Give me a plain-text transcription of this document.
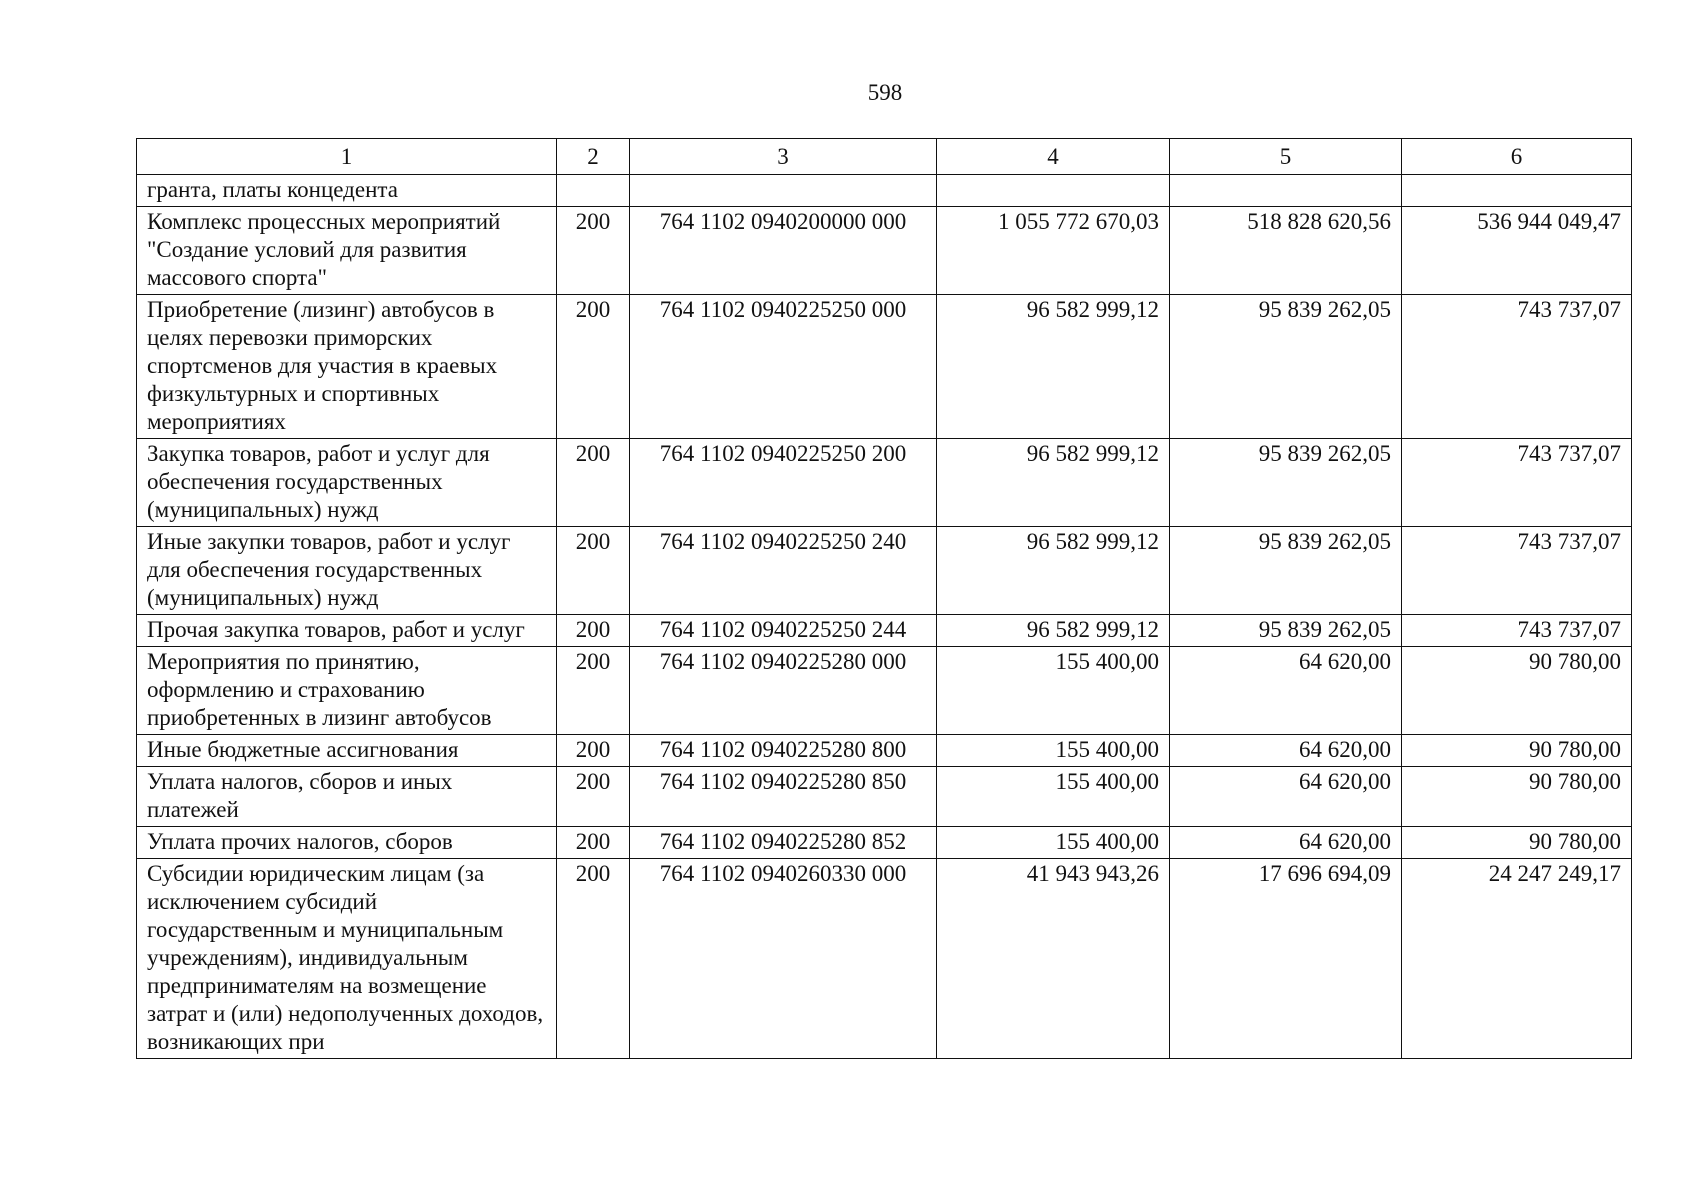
598
1	2	3	4	5	6
гранта, платы концедента					
Комплекс процессных мероприятий "Создание условий для развития массового спорта"	200	764 1102 0940200000 000	1 055 772 670,03	518 828 620,56	536 944 049,47
Приобретение (лизинг) автобусов в целях перевозки приморских спортсменов для участия в краевых физкультурных и спортивных мероприятиях	200	764 1102 0940225250 000	96 582 999,12	95 839 262,05	743 737,07
Закупка товаров, работ и услуг для обеспечения государственных (муниципальных) нужд	200	764 1102 0940225250 200	96 582 999,12	95 839 262,05	743 737,07
Иные закупки товаров, работ и услуг для обеспечения государственных (муниципальных) нужд	200	764 1102 0940225250 240	96 582 999,12	95 839 262,05	743 737,07
Прочая закупка товаров, работ и услуг	200	764 1102 0940225250 244	96 582 999,12	95 839 262,05	743 737,07
Мероприятия по принятию, оформлению и страхованию приобретенных в лизинг автобусов	200	764 1102 0940225280 000	155 400,00	64 620,00	90 780,00
Иные бюджетные ассигнования	200	764 1102 0940225280 800	155 400,00	64 620,00	90 780,00
Уплата налогов, сборов и иных платежей	200	764 1102 0940225280 850	155 400,00	64 620,00	90 780,00
Уплата прочих налогов, сборов	200	764 1102 0940225280 852	155 400,00	64 620,00	90 780,00
Субсидии юридическим лицам (за исключением субсидий государственным и муниципальным учреждениям), индивидуальным предпринимателям на возмещение затрат и (или) недополученных доходов, возникающих при	200	764 1102 0940260330 000	41 943 943,26	17 696 694,09	24 247 249,17
